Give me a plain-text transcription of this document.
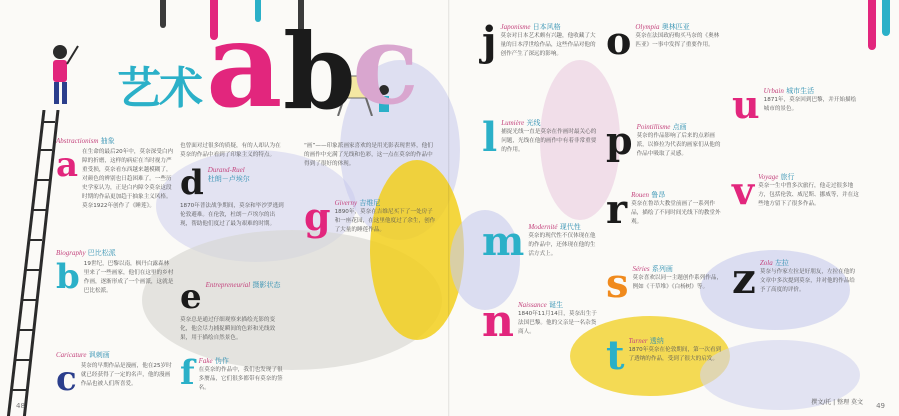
艺术 a b
c
Abstractionism 抽象
a 在生命的最后20年中，莫奈深受白内障的折磨，这样的病症在当时视力严重受损，莫奈看东西越来越模糊了，对颜色的辨别也日趋困难了。一些历史学家认为，正是白内障令莫奈这段时期的作品更加趋于抽象主义风格。莫奈1922年创作了《睡莲》。
Biography 巴比松派
b 19世纪，巴黎以南，枫丹白露森林里来了一些画家，他们在这里的乡村作画，逐渐形成了一个画派，这就是巴比松派。
Caricature 讽刺画
c 莫奈的早期作品是漫画，他在25岁时就已经获得了一定的名声，他的漫画作品也被人们所喜爱。
也曾面对过很多的质疑，有的人却认为在莫奈的作品中看到了印象主义的特点。
d Durand-Ruel
杜朗－卢埃尔
1870年普法战争期间，莫奈和毕沙罗逃到伦敦避难。在伦敦，杜朗－卢埃尔的出现，帮助他们度过了最为艰难的时期。
e Entrepreneurial 摄影状态
莫奈总是通过仔细观察来描绘光影的变化，他会尽力捕捉瞬间的色彩和光线效果，用于描绘自然景色。
f Fake 伪作
在莫奈的作品中，我们也发现了很多赝品，它们很多都带有莫奈的签名。
“画”——印象派画家喜欢的是用光影表现世界，他们的画作中充满了光线和色彩，这一点在莫奈的作品中得到了很好的体现。
g Giverny 吉维尼
1890年，莫奈在吉维尼买下了一处房子和一座花园，在这里他度过了余生，创作了大量的睡莲作品。
j Japonisme 日本风格
莫奈对日本艺术颇有兴趣，他收藏了大量的日本浮世绘作品，这些作品对他的创作产生了深远的影响。
l Lumière 光线
捕捉光线一直是莫奈在作画时最关心的问题，光线在他的画作中有着非常重要的作用。
m Modernité 现代性
莫奈的现代性不仅体现在他的作品中，还体现在他的生活方式上。
n Naissance 诞生
1840年11月14日，莫奈出生于法国巴黎。他的父亲是一名杂货商人。
o Olympia 奥林匹亚
莫奈在法国政府购买马奈的《奥林匹亚》一事中发挥了重要作用。
p Pointillisme 点画
莫奈的作品影响了后来的点彩画派，以修拉为代表的画家们从他的作品中吸取了灵感。
r Rouen 鲁昂
莫奈在鲁昂大教堂前画了一系列作品，描绘了不同时间光线下的教堂外观。
s Séries 系列画
莫奈喜欢以同一主题创作系列作品，例如《干草堆》《白杨树》等。
t Turner 透纳
1870年莫奈在伦敦期间，第一次看到了透纳的作品，受到了很大的启发。
u Urbain 城市生活
1871年，莫奈回到巴黎，并开始描绘城市的景色。
v Voyage 旅行
莫奈一生中曾多次旅行，他走过很多地方，包括伦敦、威尼斯、挪威等，并在这些地方留下了很多作品。
z Zola 左拉
莫奈与作家左拉是好朋友，左拉在他的文章中多次提到莫奈，并对他的作品给予了高度的评价。
48	49
撰文/托 | 整理 莫文
